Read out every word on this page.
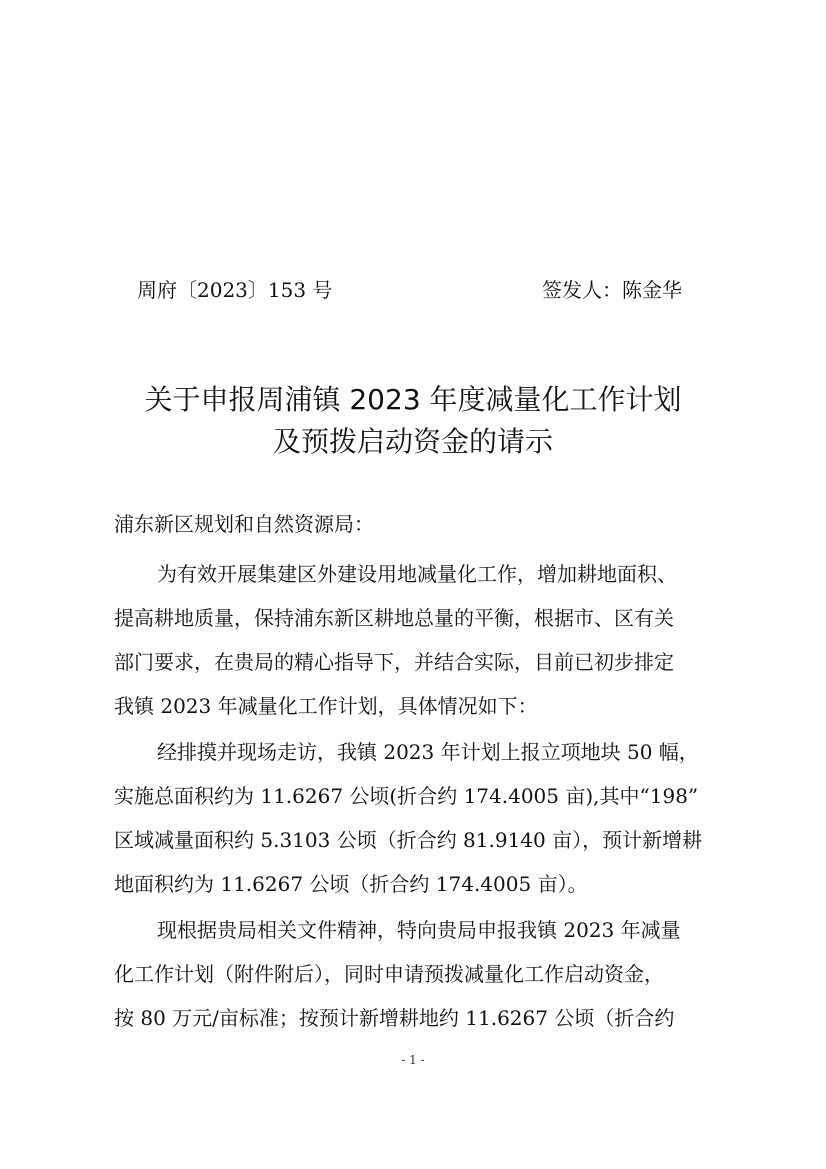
周府〔2023〕153 号	签发人：陈金华
关于申报周浦镇 2023 年度减量化工作计划
及预拨启动资金的请示
浦东新区规划和自然资源局：
为有效开展集建区外建设用地减量化工作，增加耕地面积、
提高耕地质量，保持浦东新区耕地总量的平衡，根据市、区有关
部门要求，在贵局的精心指导下，并结合实际，目前已初步排定
我镇 2023 年减量化工作计划，具体情况如下：
经排摸并现场走访，我镇 2023 年计划上报立项地块 50 幅，
实施总面积约为 11.6267 公顷(折合约 174.4005 亩),其中“198”
区域减量面积约 5.3103 公顷（折合约 81.9140 亩），预计新增耕
地面积约为 11.6267 公顷（折合约 174.4005 亩）。
现根据贵局相关文件精神，特向贵局申报我镇 2023 年减量
化工作计划（附件附后），同时申请预拨减量化工作启动资金，
按 80 万元/亩标准；按预计新增耕地约 11.6267 公顷（折合约
- 1 -
